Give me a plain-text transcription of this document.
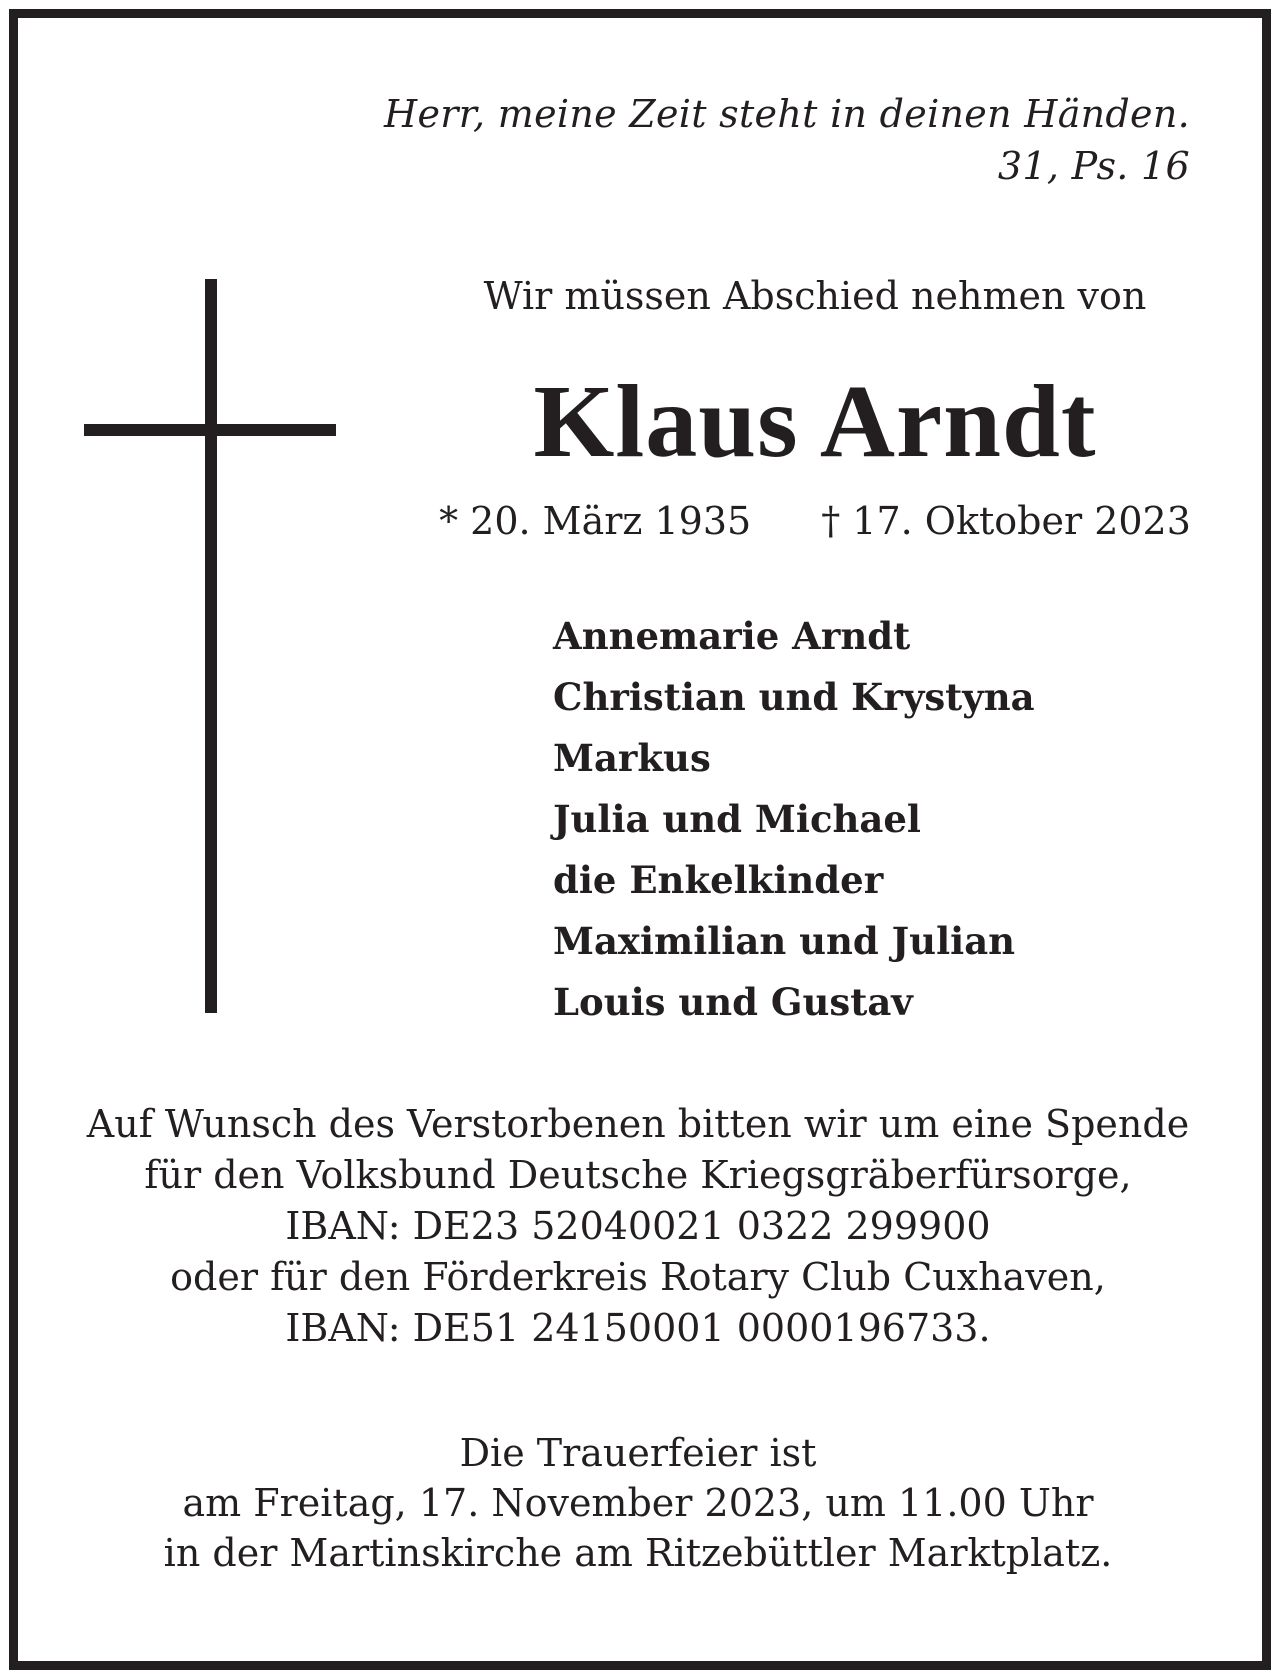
Herr, meine Zeit steht in deinen Händen.
31, Ps. 16
Wir müssen Abschied nehmen von
Klaus Arndt
* 20. März 1935 † 17. Oktober 2023
Annemarie Arndt
Christian und Krystyna
Markus
Julia und Michael
die Enkelkinder
Maximilian und Julian
Louis und Gustav
Auf Wunsch des Verstorbenen bitten wir um eine Spende
für den Volksbund Deutsche Kriegsgräberfürsorge,
IBAN: DE23 52040021 0322 299900
oder für den Förderkreis Rotary Club Cuxhaven,
IBAN: DE51 24150001 0000196733.
Die Trauerfeier ist
am Freitag, 17. November 2023, um 11.00 Uhr
in der Martinskirche am Ritzebüttler Marktplatz.
